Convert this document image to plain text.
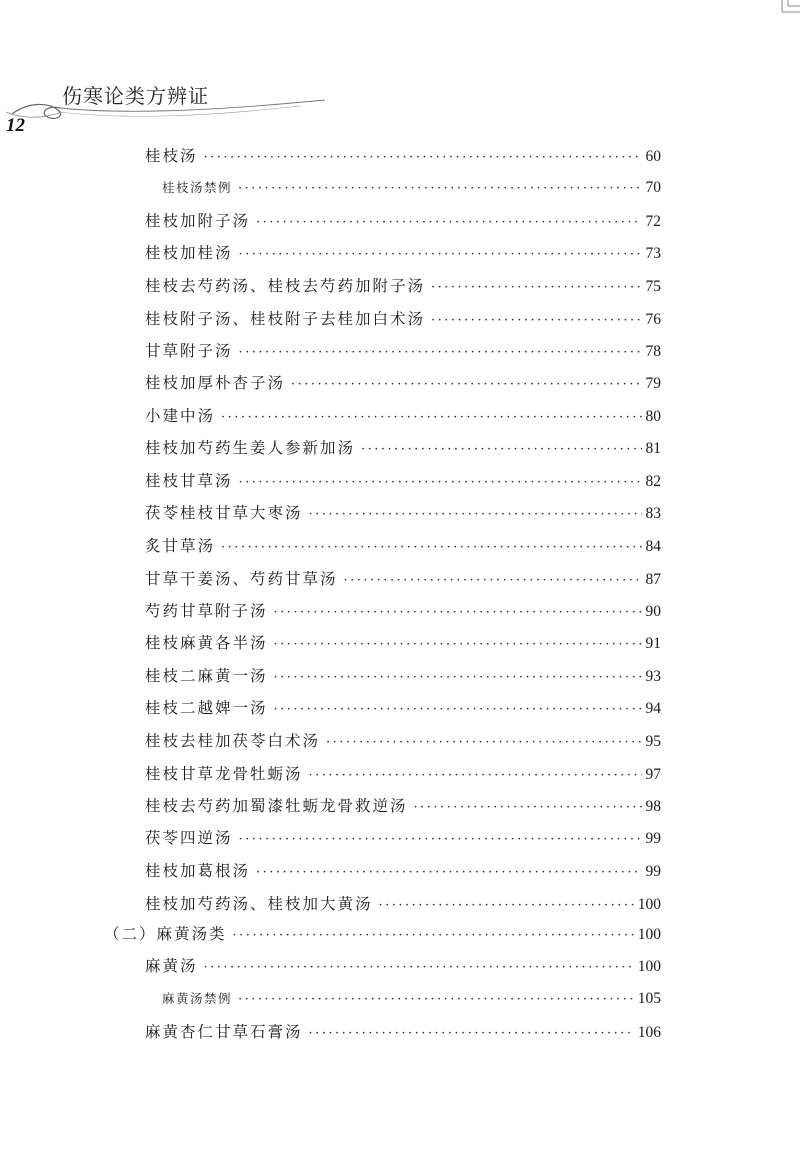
伤寒论类方辨证
12
桂枝汤 ·····	60
桂枝汤禁例 ·····	70
桂枝加附子汤 ·····	72
桂枝加桂汤 ·····	73
桂枝去芍药汤、桂枝去芍药加附子汤 ·····	75
桂枝附子汤、桂枝附子去桂加白术汤 ·····	76
甘草附子汤 ·····	78
桂枝加厚朴杏子汤 ·····	79
小建中汤 ·····	80
桂枝加芍药生姜人参新加汤 ·····	81
桂枝甘草汤 ·····	82
茯苓桂枝甘草大枣汤 ·····	83
炙甘草汤 ·····	84
甘草干姜汤、芍药甘草汤 ·····	87
芍药甘草附子汤 ·····	90
桂枝麻黄各半汤 ·····	91
桂枝二麻黄一汤 ·····	93
桂枝二越婢一汤 ·····	94
桂枝去桂加茯苓白术汤 ·····	95
桂枝甘草龙骨牡蛎汤 ·····	97
桂枝去芍药加蜀漆牡蛎龙骨救逆汤 ·····	98
茯苓四逆汤 ·····	99
桂枝加葛根汤 ·····	99
桂枝加芍药汤、桂枝加大黄汤 ·····	100
（二）麻黄汤类 ·····	100
麻黄汤 ·····	100
麻黄汤禁例 ·····	105
麻黄杏仁甘草石膏汤 ·····	106
